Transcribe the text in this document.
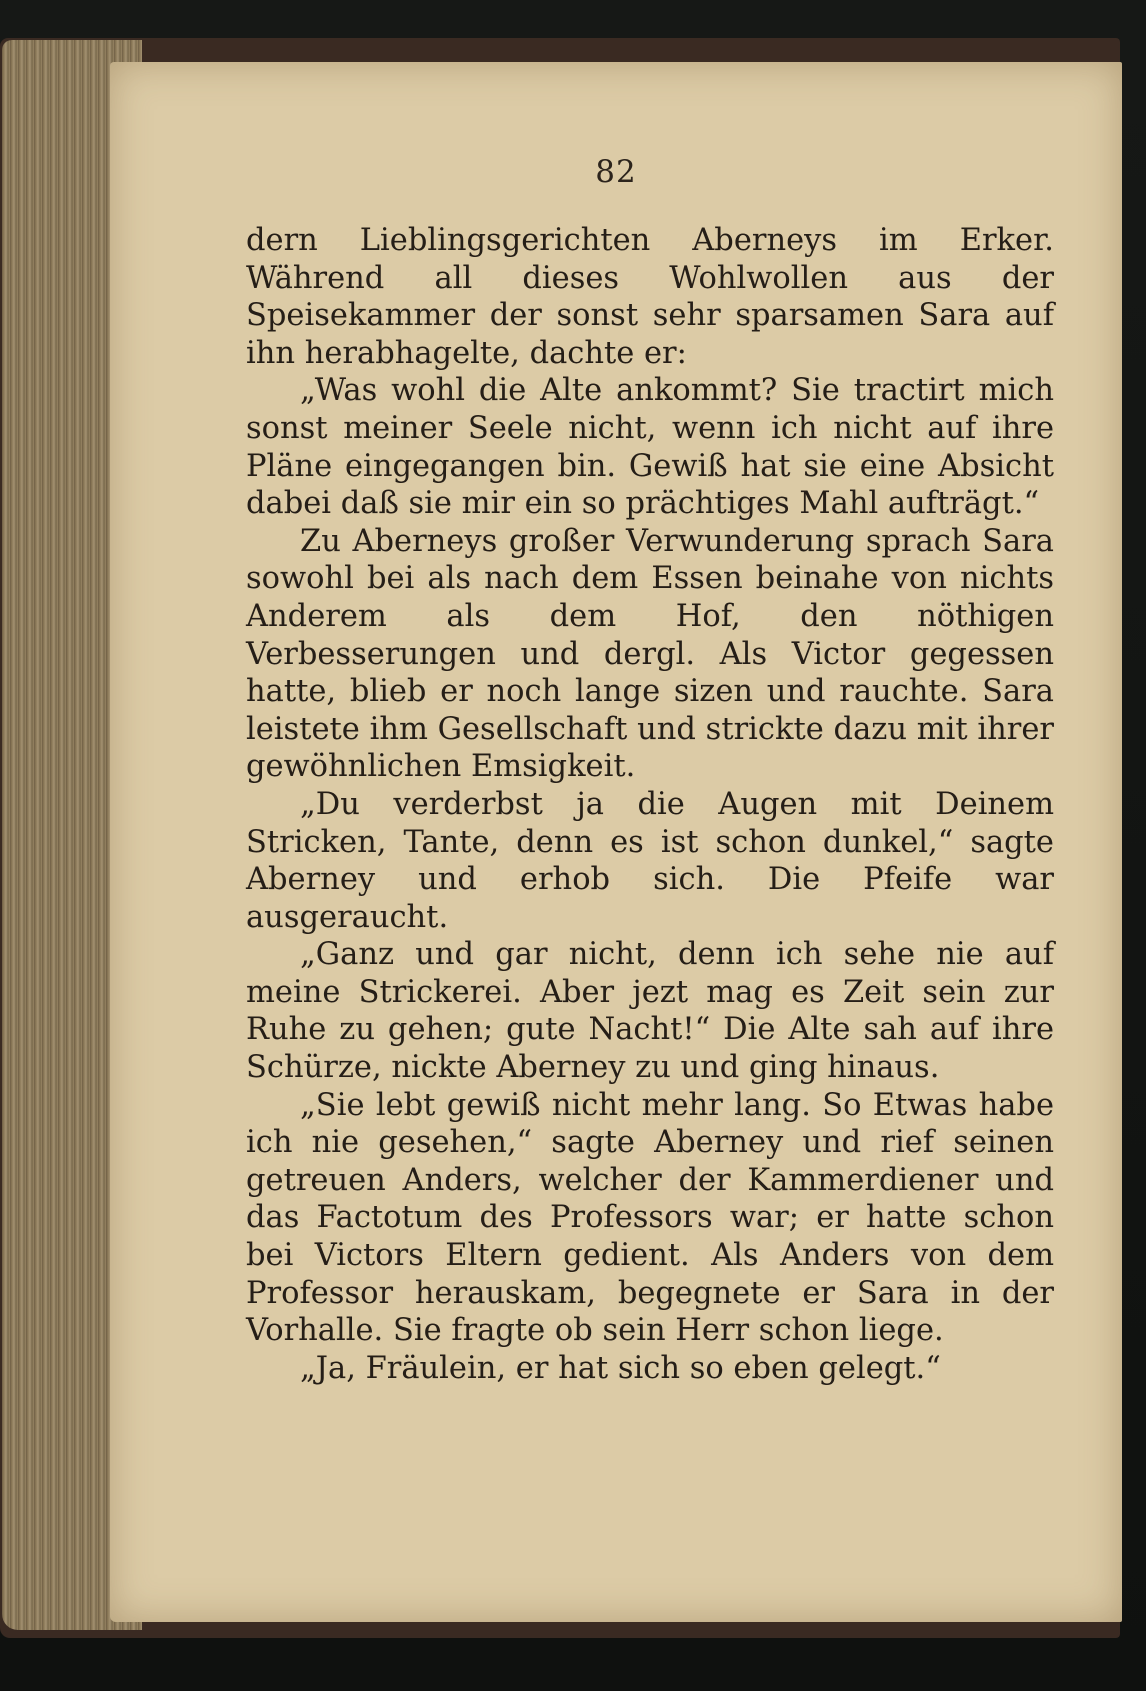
82

dern Lieblingsgerichten Aberneys im Erker. Während all dieses Wohlwollen aus der Speisekammer der sonst sehr sparsamen Sara auf ihn herabhagelte, dachte er:

„Was wohl die Alte ankommt? Sie tractirt mich sonst meiner Seele nicht, wenn ich nicht auf ihre Pläne eingegangen bin. Gewiß hat sie eine Absicht dabei daß sie mir ein so prächtiges Mahl aufträgt.“

Zu Aberneys großer Verwunderung sprach Sara sowohl bei als nach dem Essen beinahe von nichts Anderem als dem Hof, den nöthigen Verbesserungen und dergl. Als Victor gegessen hatte, blieb er noch lange sizen und rauchte. Sara leistete ihm Gesellschaft und strickte dazu mit ihrer gewöhnlichen Emsigkeit.

„Du verderbst ja die Augen mit Deinem Stricken, Tante, denn es ist schon dunkel,“ sagte Aberney und erhob sich. Die Pfeife war ausgeraucht.

„Ganz und gar nicht, denn ich sehe nie auf meine Strickerei. Aber jezt mag es Zeit sein zur Ruhe zu gehen; gute Nacht!“ Die Alte sah auf ihre Schürze, nickte Aberney zu und ging hinaus.

„Sie lebt gewiß nicht mehr lang. So Etwas habe ich nie gesehen,“ sagte Aberney und rief seinen getreuen Anders, welcher der Kammerdiener und das Factotum des Professors war; er hatte schon bei Victors Eltern gedient. Als Anders von dem Professor herauskam, begegnete er Sara in der Vorhalle. Sie fragte ob sein Herr schon liege.

„Ja, Fräulein, er hat sich so eben gelegt.“
